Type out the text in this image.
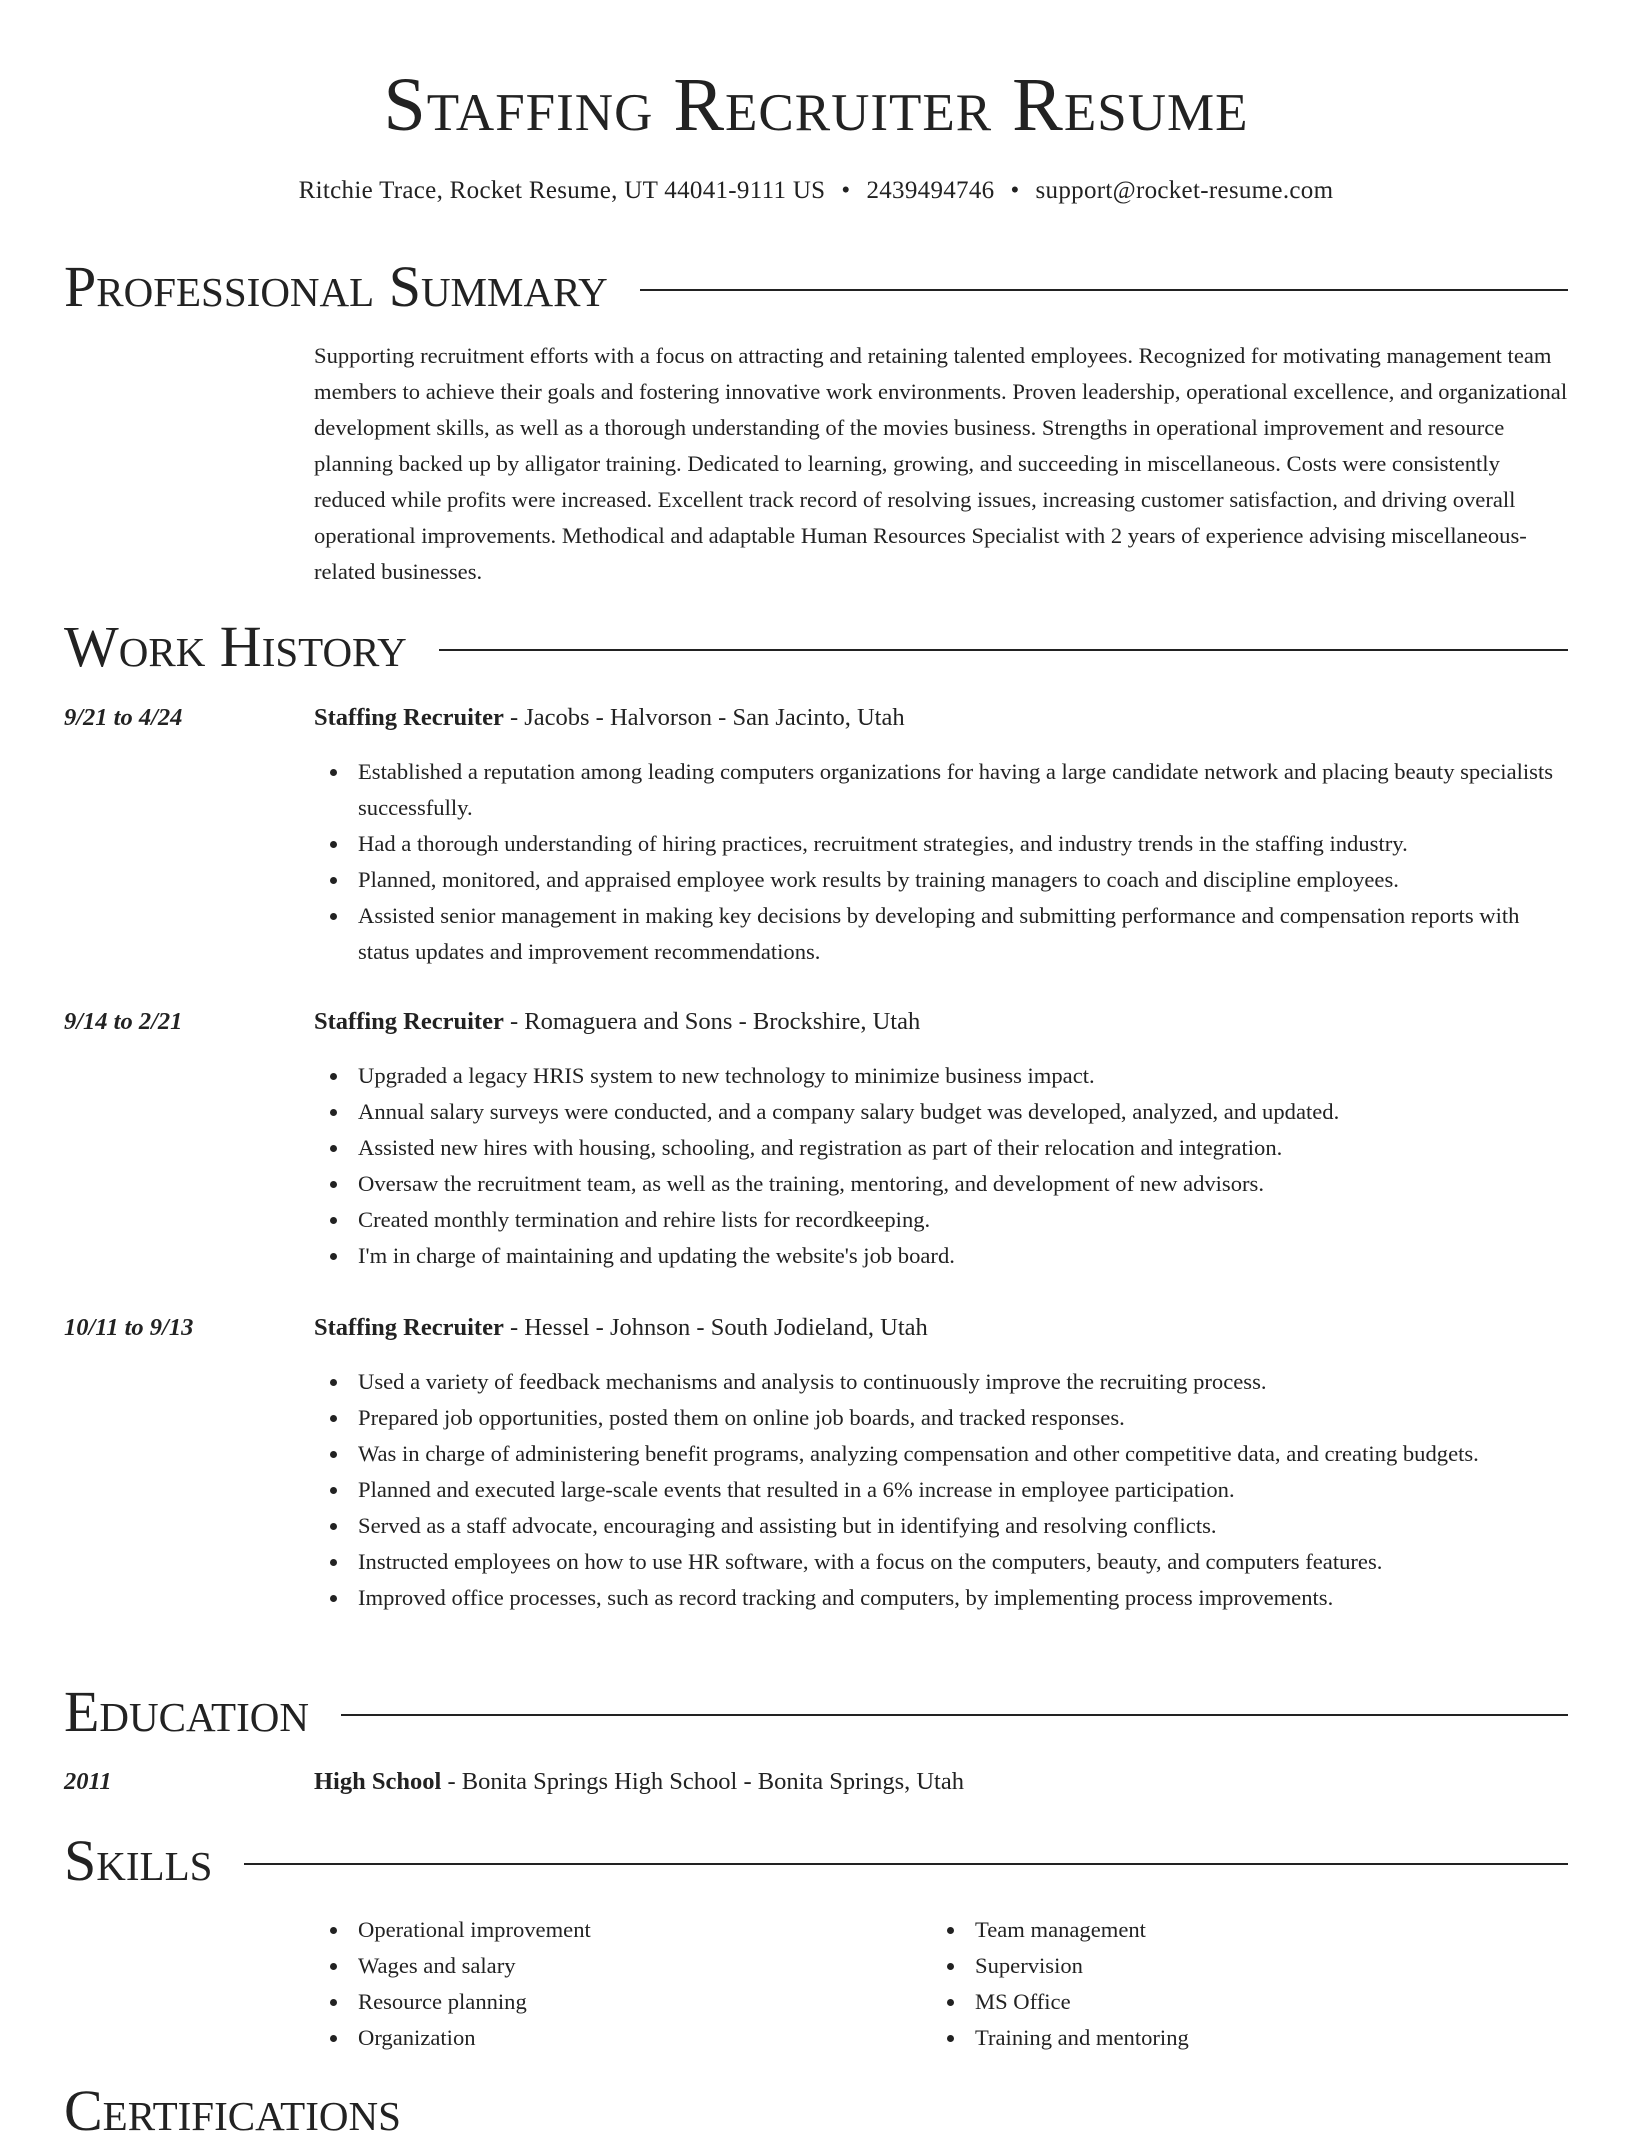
Staffing Recruiter Resume
Ritchie Trace, Rocket Resume, UT 44041-9111 US • 2439494746 • support@rocket-resume.com
Professional Summary

Supporting recruitment efforts with a focus on attracting and retaining talented employees. Recognized for motivating management team members to achieve their goals and fostering innovative work environments. Proven leadership, operational excellence, and organizational development skills, as well as a thorough understanding of the movies business. Strengths in operational improvement and resource planning backed up by alligator training. Dedicated to learning, growing, and succeeding in miscellaneous. Costs were consistently reduced while profits were increased. Excellent track record of resolving issues, increasing customer satisfaction, and driving overall operational improvements. Methodical and adaptable Human Resources Specialist with 2 years of experience advising miscellaneous-related businesses.

Work History
9/21 to 4/24	Staffing Recruiter - Jacobs - Halvorson - San Jacinto, Utah
Established a reputation among leading computers organizations for having a large candidate network and placing beauty specialists successfully.
Had a thorough understanding of hiring practices, recruitment strategies, and industry trends in the staffing industry.
Planned, monitored, and appraised employee work results by training managers to coach and discipline employees.
Assisted senior management in making key decisions by developing and submitting performance and compensation reports with status updates and improvement recommendations.
9/14 to 2/21	Staffing Recruiter - Romaguera and Sons - Brockshire, Utah
Upgraded a legacy HRIS system to new technology to minimize business impact.
Annual salary surveys were conducted, and a company salary budget was developed, analyzed, and updated.
Assisted new hires with housing, schooling, and registration as part of their relocation and integration.
Oversaw the recruitment team, as well as the training, mentoring, and development of new advisors.
Created monthly termination and rehire lists for recordkeeping.
I'm in charge of maintaining and updating the website's job board.
10/11 to 9/13	Staffing Recruiter - Hessel - Johnson - South Jodieland, Utah
Used a variety of feedback mechanisms and analysis to continuously improve the recruiting process.
Prepared job opportunities, posted them on online job boards, and tracked responses.
Was in charge of administering benefit programs, analyzing compensation and other competitive data, and creating budgets.
Planned and executed large-scale events that resulted in a 6% increase in employee participation.
Served as a staff advocate, encouraging and assisting but in identifying and resolving conflicts.
Instructed employees on how to use HR software, with a focus on the computers, beauty, and computers features.
Improved office processes, such as record tracking and computers, by implementing process improvements.
Education
2011	High School - Bonita Springs High School - Bonita Springs, Utah
Skills
Operational improvement
Wages and salary
Resource planning
Organization
Team management
Supervision
MS Office
Training and mentoring
Certifications
